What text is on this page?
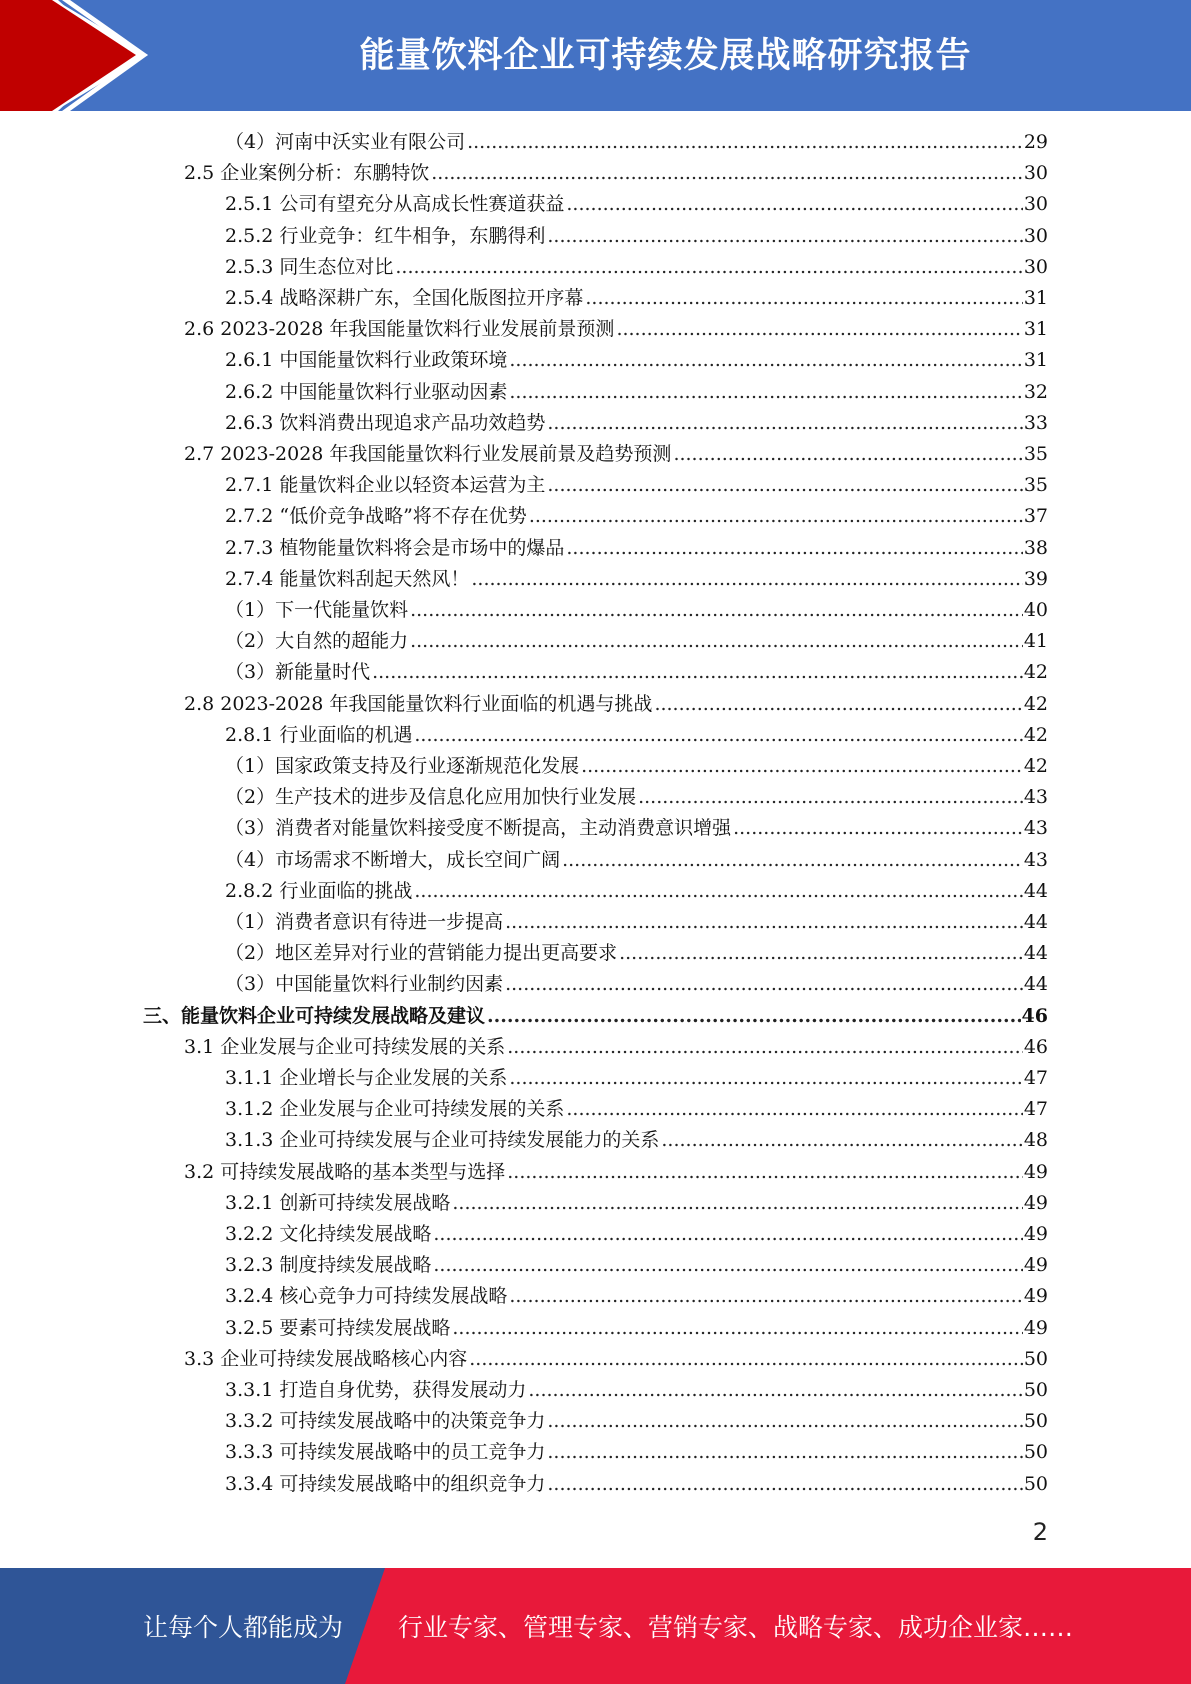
能量饮料企业可持续发展战略研究报告
（4）河南中沃实业有限公司 .....	29
2.5 企业案例分析：东鹏特饮 .....	30
2.5.1 公司有望充分从高成长性赛道获益 .....	30
2.5.2 行业竞争：红牛相争，东鹏得利 .....	30
2.5.3 同生态位对比 .....	30
2.5.4 战略深耕广东，全国化版图拉开序幕 .....	31
2.6 2023-2028 年我国能量饮料行业发展前景预测 .....	31
2.6.1 中国能量饮料行业政策环境 .....	31
2.6.2 中国能量饮料行业驱动因素 .....	32
2.6.3 饮料消费出现追求产品功效趋势 .....	33
2.7 2023-2028 年我国能量饮料行业发展前景及趋势预测 .....	35
2.7.1 能量饮料企业以轻资本运营为主 .....	35
2.7.2 “低价竞争战略”将不存在优势 .....	37
2.7.3 植物能量饮料将会是市场中的爆品 .....	38
2.7.4 能量饮料刮起天然风！ .....	39
（1）下一代能量饮料 .....	40
（2）大自然的超能力 .....	41
（3）新能量时代 .....	42
2.8 2023-2028 年我国能量饮料行业面临的机遇与挑战 .....	42
2.8.1 行业面临的机遇 .....	42
（1）国家政策支持及行业逐渐规范化发展 .....	42
（2）生产技术的进步及信息化应用加快行业发展 .....	43
（3）消费者对能量饮料接受度不断提高，主动消费意识增强 .....	43
（4）市场需求不断增大，成长空间广阔 .....	43
2.8.2 行业面临的挑战 .....	44
（1）消费者意识有待进一步提高 .....	44
（2）地区差异对行业的营销能力提出更高要求 .....	44
（3）中国能量饮料行业制约因素 .....	44
三、能量饮料企业可持续发展战略及建议 .....	46
3.1 企业发展与企业可持续发展的关系 .....	46
3.1.1 企业增长与企业发展的关系 .....	47
3.1.2 企业发展与企业可持续发展的关系 .....	47
3.1.3 企业可持续发展与企业可持续发展能力的关系 .....	48
3.2 可持续发展战略的基本类型与选择 .....	49
3.2.1 创新可持续发展战略 .....	49
3.2.2 文化持续发展战略 .....	49
3.2.3 制度持续发展战略 .....	49
3.2.4 核心竞争力可持续发展战略 .....	49
3.2.5 要素可持续发展战略 .....	49
3.3 企业可持续发展战略核心内容 .....	50
3.3.1 打造自身优势，获得发展动力 .....	50
3.3.2 可持续发展战略中的决策竞争力 .....	50
3.3.3 可持续发展战略中的员工竞争力 .....	50
3.3.4 可持续发展战略中的组织竞争力 .....	50
2
让每个人都能成为 行业专家、管理专家、营销专家、战略专家、成功企业家……
